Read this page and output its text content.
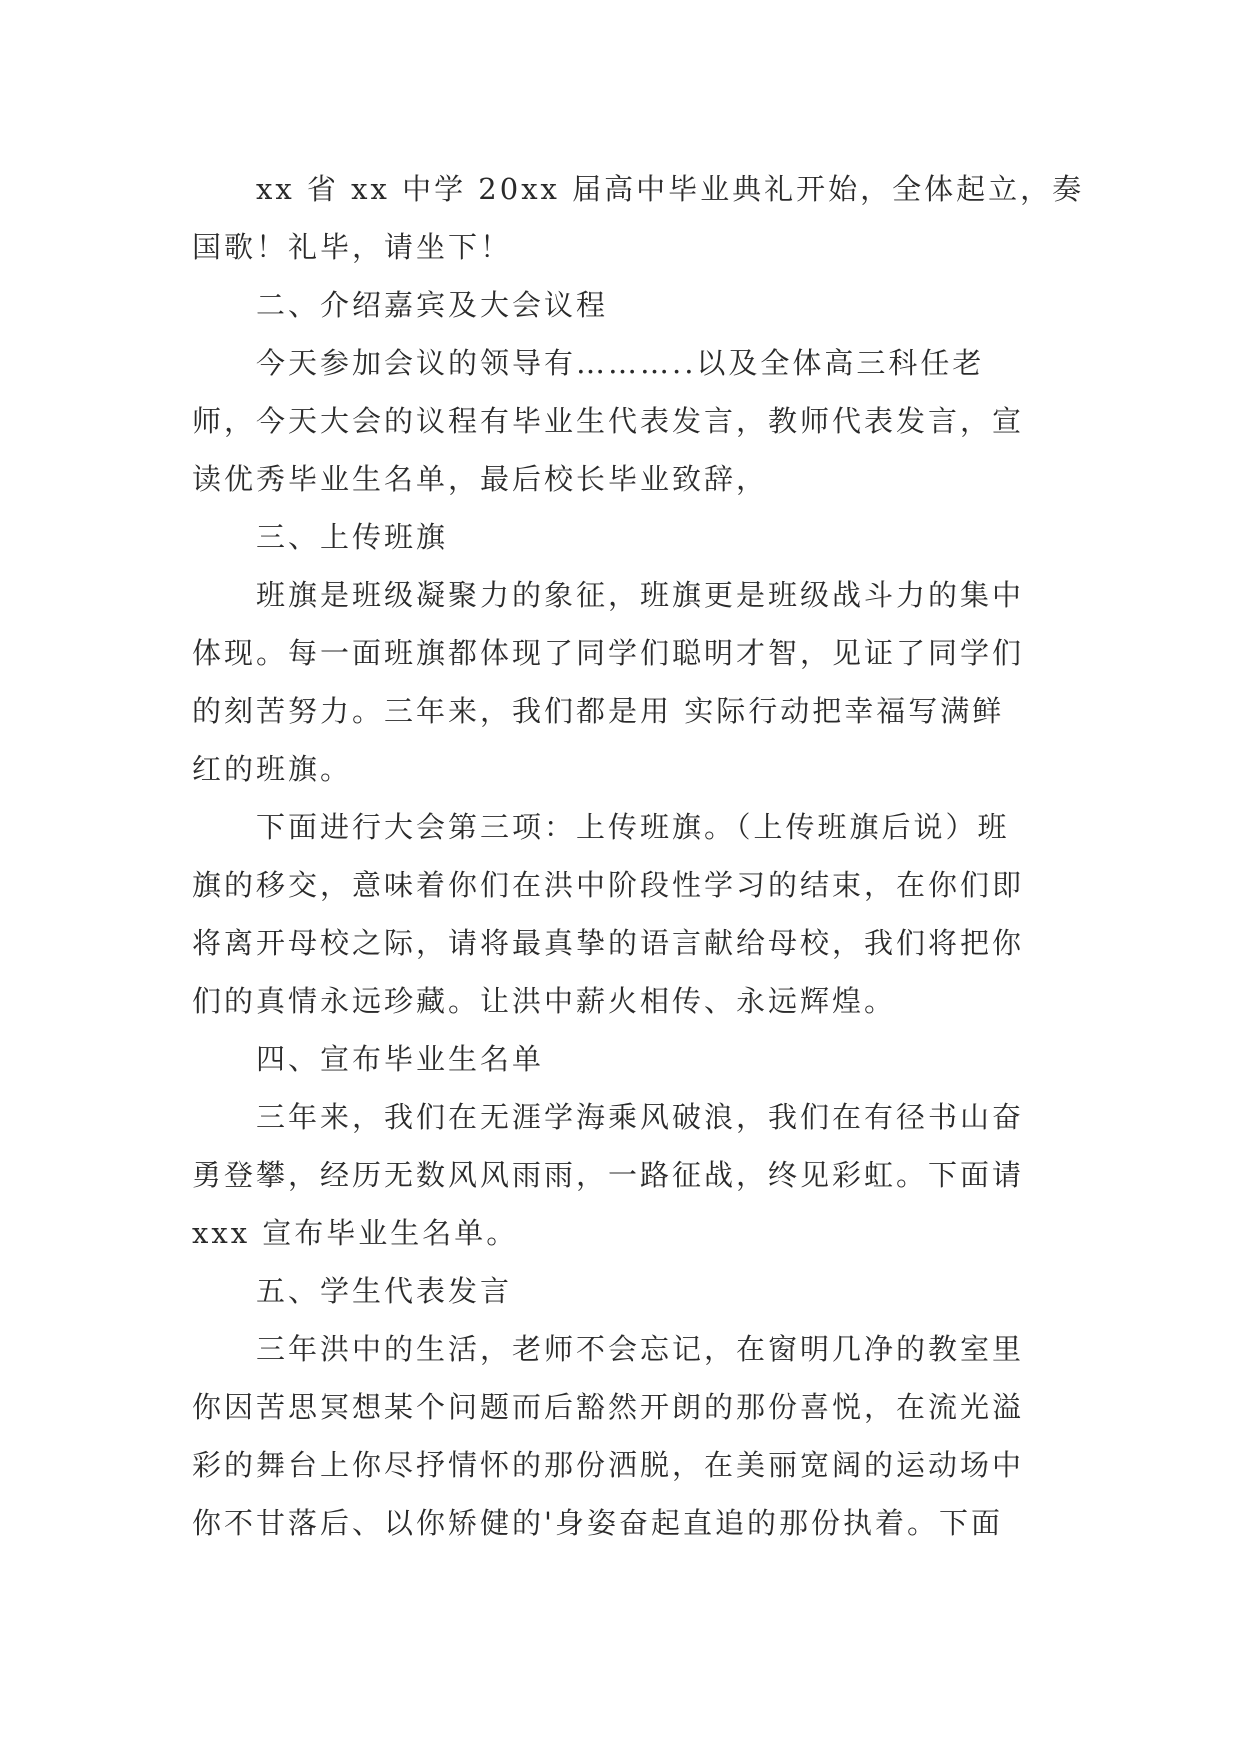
xx 省 xx 中学 20xx 届高中毕业典礼开始，全体起立，奏
国歌！礼毕，请坐下！
二、介绍嘉宾及大会议程
今天参加会议的领导有………..以及全体高三科任老
师，今天大会的议程有毕业生代表发言，教师代表发言，宣
读优秀毕业生名单，最后校长毕业致辞，
三、上传班旗
班旗是班级凝聚力的象征，班旗更是班级战斗力的集中
体现。每一面班旗都体现了同学们聪明才智，见证了同学们
的刻苦努力。三年来，我们都是用 实际行动把幸福写满鲜
红的班旗。
下面进行大会第三项：上传班旗。（上传班旗后说）班
旗的移交，意味着你们在洪中阶段性学习的结束，在你们即
将离开母校之际，请将最真挚的语言献给母校，我们将把你
们的真情永远珍藏。让洪中薪火相传、永远辉煌。
四、宣布毕业生名单
三年来，我们在无涯学海乘风破浪，我们在有径书山奋
勇登攀，经历无数风风雨雨，一路征战，终见彩虹。下面请
xxx 宣布毕业生名单。
五、学生代表发言
三年洪中的生活，老师不会忘记，在窗明几净的教室里
你因苦思冥想某个问题而后豁然开朗的那份喜悦，在流光溢
彩的舞台上你尽抒情怀的那份洒脱，在美丽宽阔的运动场中
你不甘落后、以你矫健的'身姿奋起直追的那份执着。下面
